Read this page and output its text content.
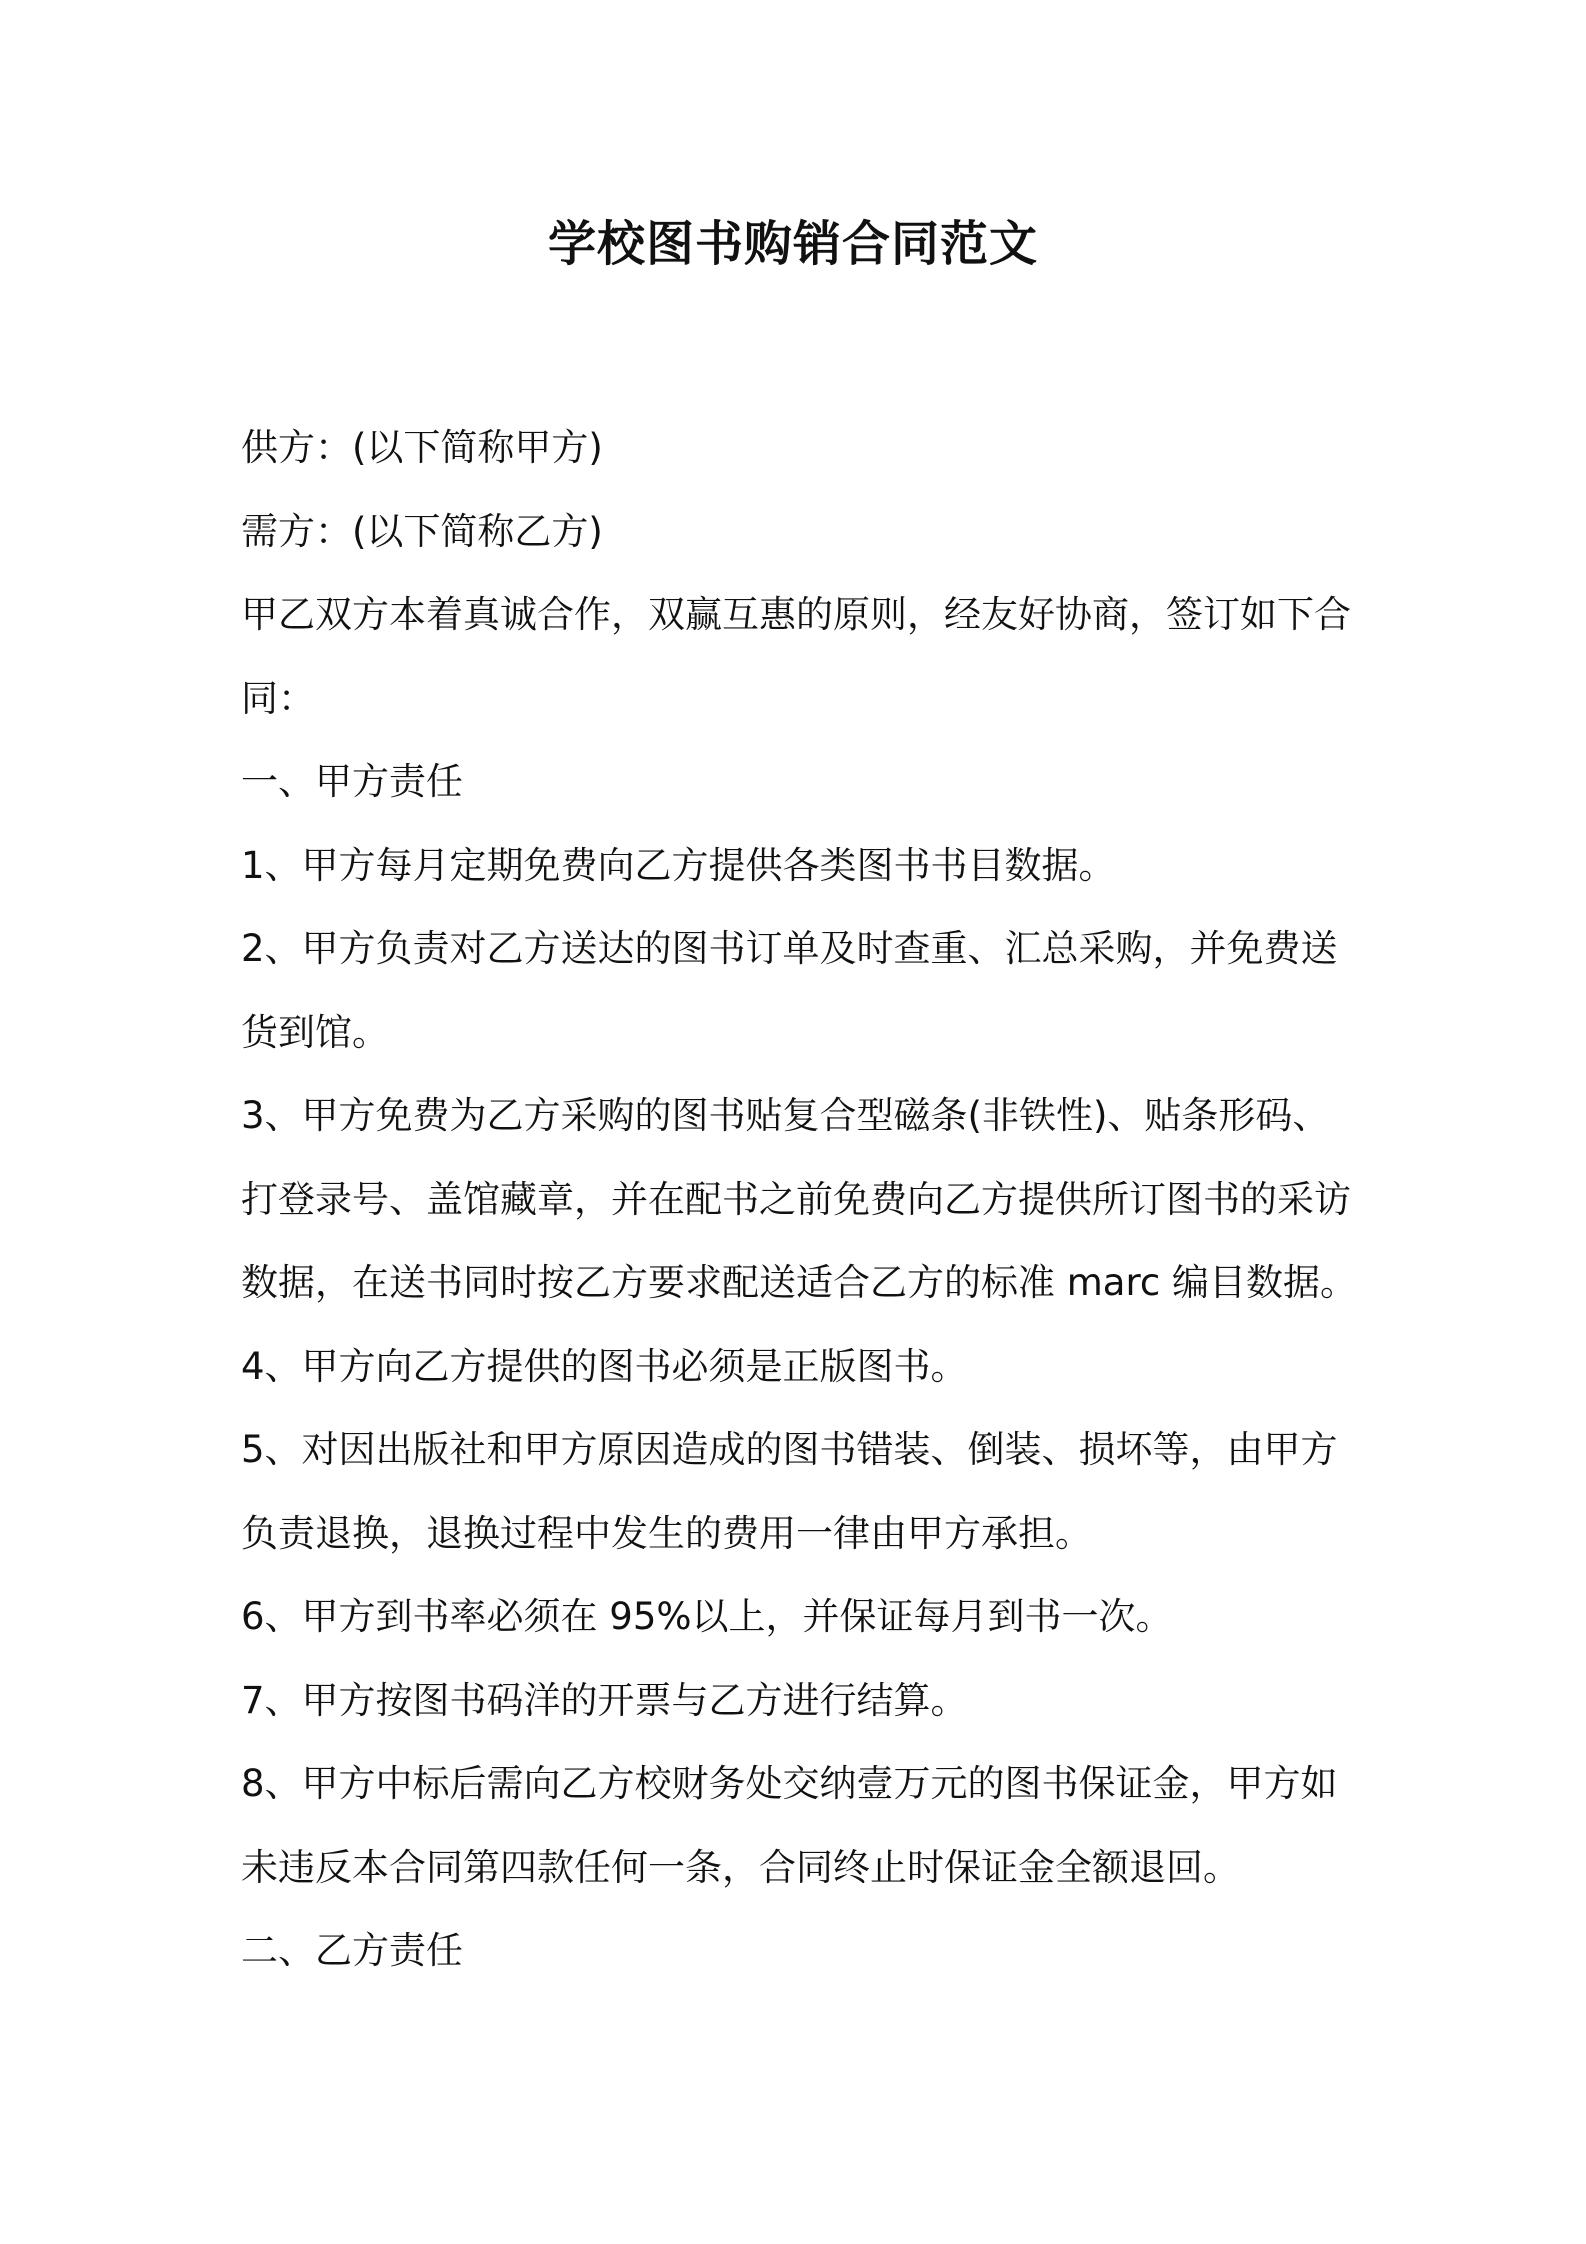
学校图书购销合同范文
供方：(以下简称甲方)
需方：(以下简称乙方)
甲乙双方本着真诚合作，双赢互惠的原则，经友好协商，签订如下合
同：
一、甲方责任
1、甲方每月定期免费向乙方提供各类图书书目数据。
2、甲方负责对乙方送达的图书订单及时查重、汇总采购，并免费送
货到馆。
3、甲方免费为乙方采购的图书贴复合型磁条(非铁性)、贴条形码、
打登录号、盖馆藏章，并在配书之前免费向乙方提供所订图书的采访
数据，在送书同时按乙方要求配送适合乙方的标准 marc 编目数据。
4、甲方向乙方提供的图书必须是正版图书。
5、对因出版社和甲方原因造成的图书错装、倒装、损坏等，由甲方
负责退换，退换过程中发生的费用一律由甲方承担。
6、甲方到书率必须在 95%以上，并保证每月到书一次。
7、甲方按图书码洋的开票与乙方进行结算。
8、甲方中标后需向乙方校财务处交纳壹万元的图书保证金，甲方如
未违反本合同第四款任何一条，合同终止时保证金全额退回。
二、乙方责任
